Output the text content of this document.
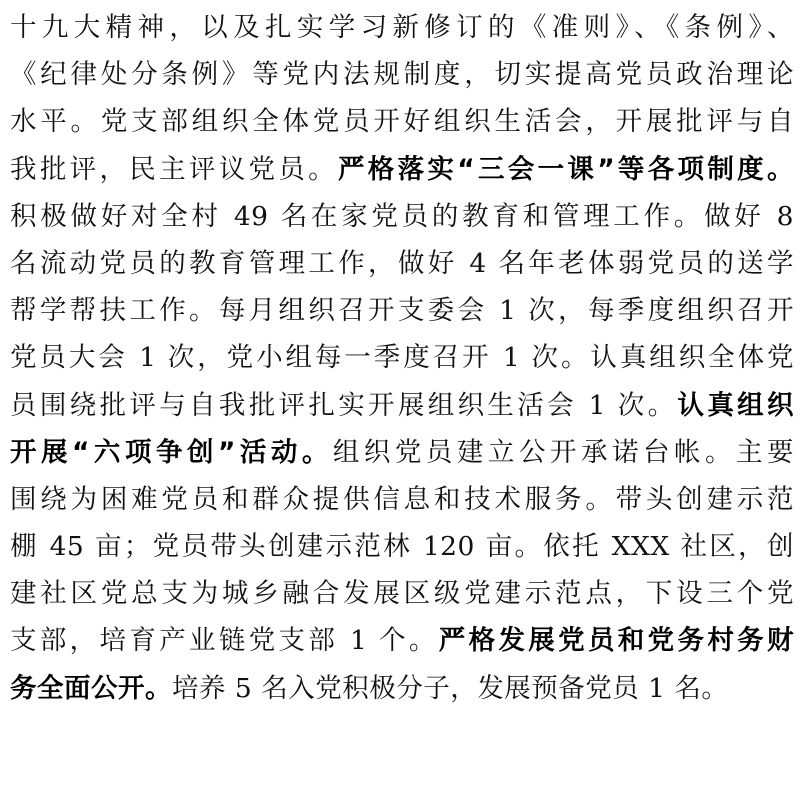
十九大精神，以及扎实学习新修订的《准则》、《条例》、
《纪律处分条例》等党内法规制度，切实提高党员政治理论
水平。党支部组织全体党员开好组织生活会，开展批评与自
我批评，民主评议党员。严格落实“三会一课”等各项制度。
积极做好对全村 49 名在家党员的教育和管理工作。做好 8
名流动党员的教育管理工作，做好 4 名年老体弱党员的送学
帮学帮扶工作。每月组织召开支委会 1 次，每季度组织召开
党员大会 1 次，党小组每一季度召开 1 次。认真组织全体党
员围绕批评与自我批评扎实开展组织生活会 1 次。认真组织
开展“六项争创”活动。组织党员建立公开承诺台帐。主要
围绕为困难党员和群众提供信息和技术服务。带头创建示范
棚 45 亩；党员带头创建示范林 120 亩。依托 XXX 社区，创
建社区党总支为城乡融合发展区级党建示范点，下设三个党
支部，培育产业链党支部 1 个。严格发展党员和党务村务财
务全面公开。培养 5 名入党积极分子，发展预备党员 1 名。
